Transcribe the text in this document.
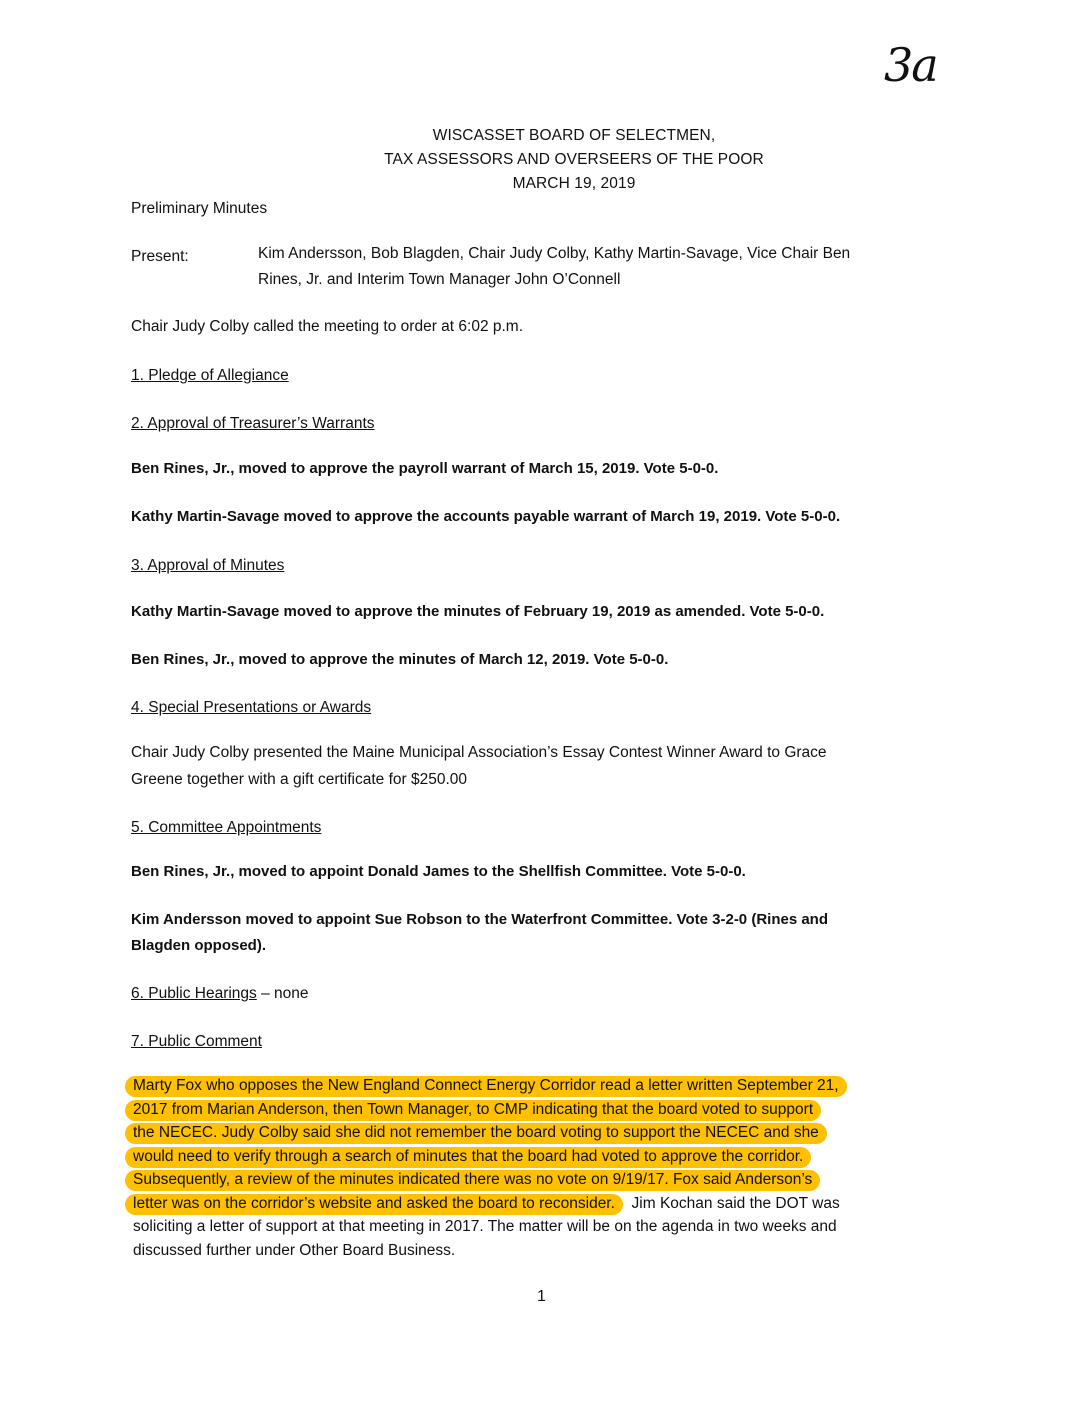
3a
WISCASSET BOARD OF SELECTMEN,
TAX ASSESSORS AND OVERSEERS OF THE POOR
MARCH 19, 2019
Preliminary Minutes
Present:	Kim Andersson, Bob Blagden, Chair Judy Colby, Kathy Martin-Savage, Vice Chair Ben
Rines, Jr. and Interim Town Manager John O’Connell
Chair Judy Colby called the meeting to order at 6:02 p.m.
1. Pledge of Allegiance
2. Approval of Treasurer’s Warrants
Ben Rines, Jr., moved to approve the payroll warrant of March 15, 2019. Vote 5-0-0.
Kathy Martin-Savage moved to approve the accounts payable warrant of March 19, 2019. Vote 5-0-0.
3. Approval of Minutes
Kathy Martin-Savage moved to approve the minutes of February 19, 2019 as amended. Vote 5-0-0.
Ben Rines, Jr., moved to approve the minutes of March 12, 2019. Vote 5-0-0.
4. Special Presentations or Awards
Chair Judy Colby presented the Maine Municipal Association’s Essay Contest Winner Award to Grace
Greene together with a gift certificate for $250.00
5. Committee Appointments
Ben Rines, Jr., moved to appoint Donald James to the Shellfish Committee. Vote 5-0-0.
Kim Andersson moved to appoint Sue Robson to the Waterfront Committee. Vote 3-2-0 (Rines and
Blagden opposed).
6. Public Hearings – none
7. Public Comment
Marty Fox who opposes the New England Connect Energy Corridor read a letter written September 21,
2017 from Marian Anderson, then Town Manager, to CMP indicating that the board voted to support
the NECEC. Judy Colby said she did not remember the board voting to support the NECEC and she
would need to verify through a search of minutes that the board had voted to approve the corridor.
Subsequently, a review of the minutes indicated there was no vote on 9/19/17. Fox said Anderson’s
letter was on the corridor’s website and asked the board to reconsider.  Jim Kochan said the DOT was
soliciting a letter of support at that meeting in 2017. The matter will be on the agenda in two weeks and
discussed further under Other Board Business.
1
